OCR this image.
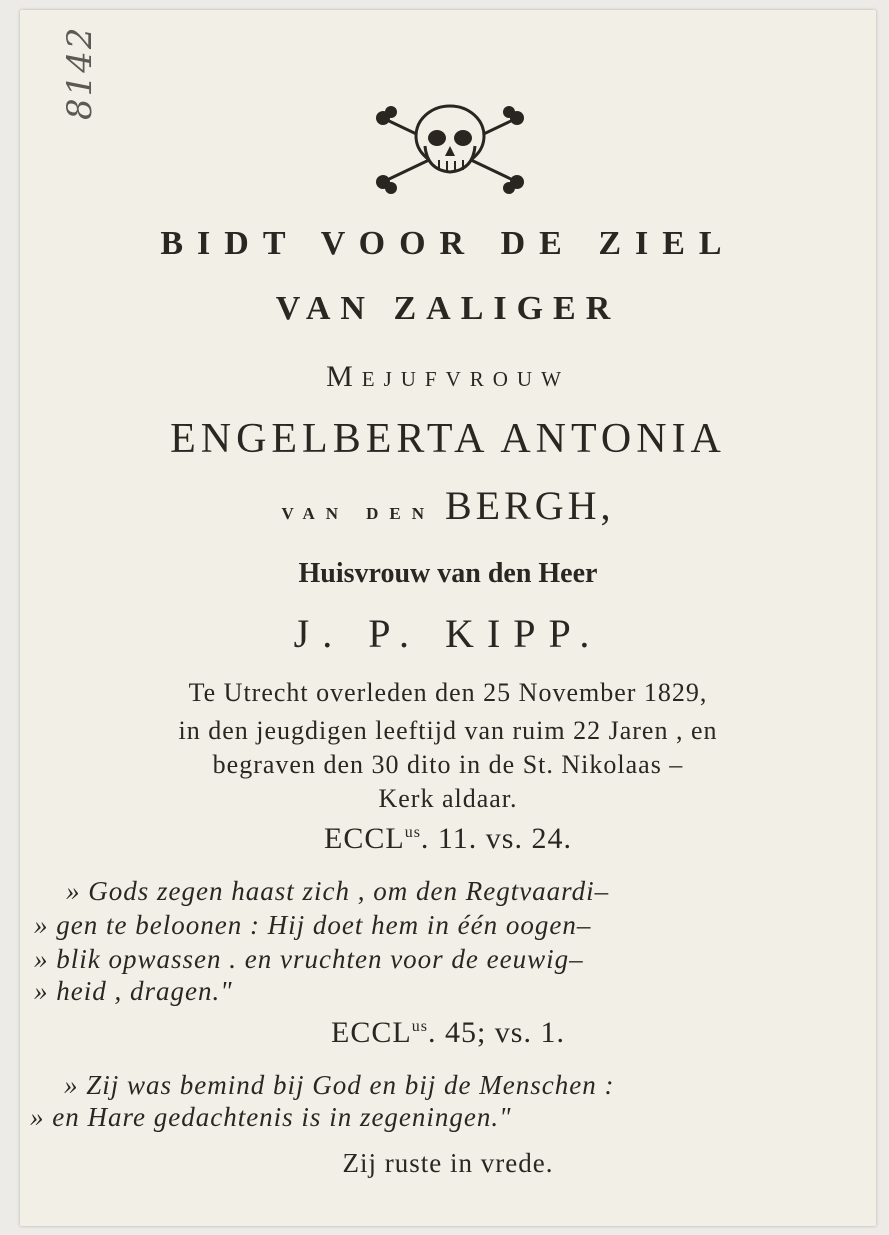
8142
BIDT VOOR DE ZIEL
VAN ZALIGER
Mejufvrouw
ENGELBERTA ANTONIA
van den BERGH,
Huisvrouw van den Heer
J. P. KIPP.
Te Utrecht overleden den 25 November 1829,
in den jeugdigen leeftijd van ruim 22 Jaren , en
begraven den 30 dito in de St. Nikolaas –
Kerk aldaar.
$ECCL^{us}$. 11. vs. 24.
» Gods zegen haast zich , om den Regtvaardi–
» gen te beloonen : Hij doet hem in één oogen–
» blik opwassen . en vruchten voor de eeuwig–
» heid , dragen."
$ECCL^{us}$. 45; vs. 1.
» Zij was bemind bij God en bij de Menschen :
» en Hare gedachtenis is in zegeningen."
Zij ruste in vrede.
